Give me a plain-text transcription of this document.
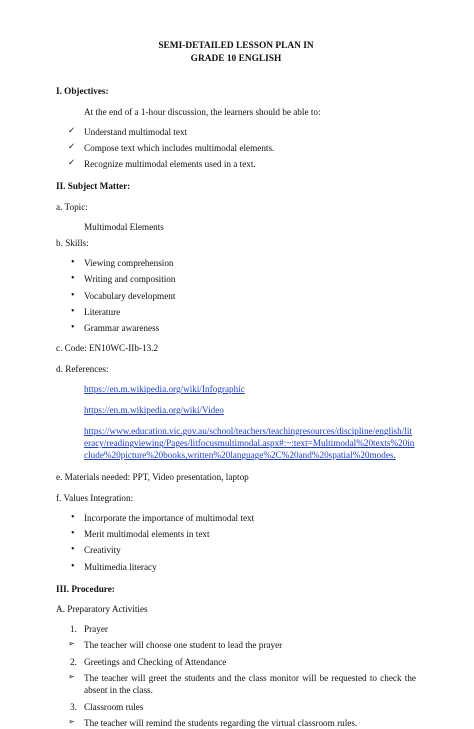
SEMI-DETAILED LESSON PLAN IN
GRADE 10 ENGLISH
I. Objectives:
At the end of a 1-hour discussion, the learners should be able to:
✓ Understand multimodal text
✓ Compose text which includes multimodal elements.
✓ Recognize multimodal elements used in a text.
II. Subject Matter:
a. Topic:
Multimodal Elements
b. Skills:
• Viewing comprehension
• Writing and composition
• Vocabulary development
• Literature
• Grammar awareness
c. Code: EN10WC-IIb-13.2
d. References:
https://en.m.wikipedia.org/wiki/Infographic
https://en.m.wikipedia.org/wiki/Video
https://www.education.vic.gov.au/school/teachers/teachingresources/discipline/english/literacy/readingviewing/Pages/litfocusmultimodal.aspx#:~:text=Multimodal%20texts%20include%20picture%20books,written%20language%2C%20and%20spatial%20modes.
e. Materials needed: PPT, Video presentation, laptop
f. Values Integration:
• Incorporate the importance of multimodal text
• Merit multimodal elements in text
• Creativity
• Multimedia literacy
III. Procedure:
A. Preparatory Activities
1. Prayer
➢ The teacher will choose one student to lead the prayer
2. Greetings and Checking of Attendance
➢ The teacher will greet the students and the class monitor will be requested to check the absent in the class.
3. Classroom rules
➢ The teacher will remind the students regarding the virtual classroom rules.
